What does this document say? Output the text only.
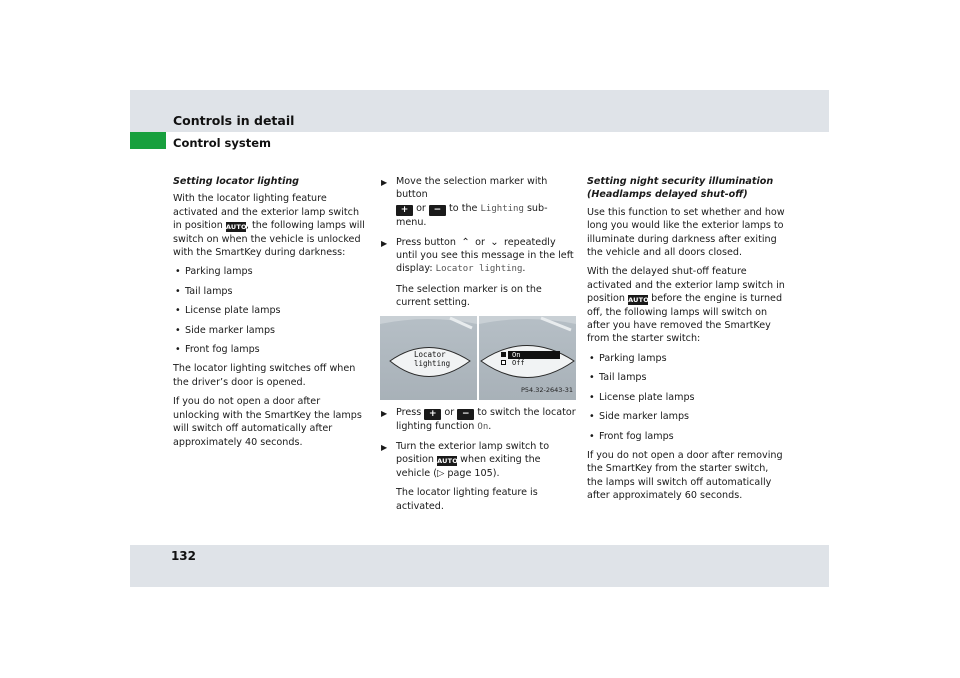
Controls in detail
Control system
Setting locator lighting

With the locator lighting feature activated and the exterior lamp switch in position AUTO, the following lamps will switch on when the vehicle is unlocked with the SmartKey during darkness:

• Parking lamps
• Tail lamps
• License plate lamps
• Side marker lamps
• Front fog lamps

The locator lighting switches off when the driver’s door is opened.

If you do not open a door after unlocking with the SmartKey the lamps will switch off automatically after approximately 40 seconds.

▶ Move the selection marker with button
+ or − to the Lighting sub-menu.
▶ Press button ⌃ or ⌄ repeatedly until you see this message in the left display: Locator lighting.
The selection marker is on the current setting.
Locator
lighting
On
Off
P54.32-2643-31
▶ Press + or − to switch the locator lighting function On.
▶ Turn the exterior lamp switch to position AUTO when exiting the vehicle (▷ page 105).
The locator lighting feature is activated.
Setting night security illumination (Headlamps delayed shut-off)

Use this function to set whether and how long you would like the exterior lamps to illuminate during darkness after exiting the vehicle and all doors closed.

With the delayed shut-off feature activated and the exterior lamp switch in position AUTO before the engine is turned off, the following lamps will switch on after you have removed the SmartKey from the starter switch:

• Parking lamps
• Tail lamps
• License plate lamps
• Side marker lamps
• Front fog lamps

If you do not open a door after removing the SmartKey from the starter switch, the lamps will switch off automatically after approximately 60 seconds.

132
